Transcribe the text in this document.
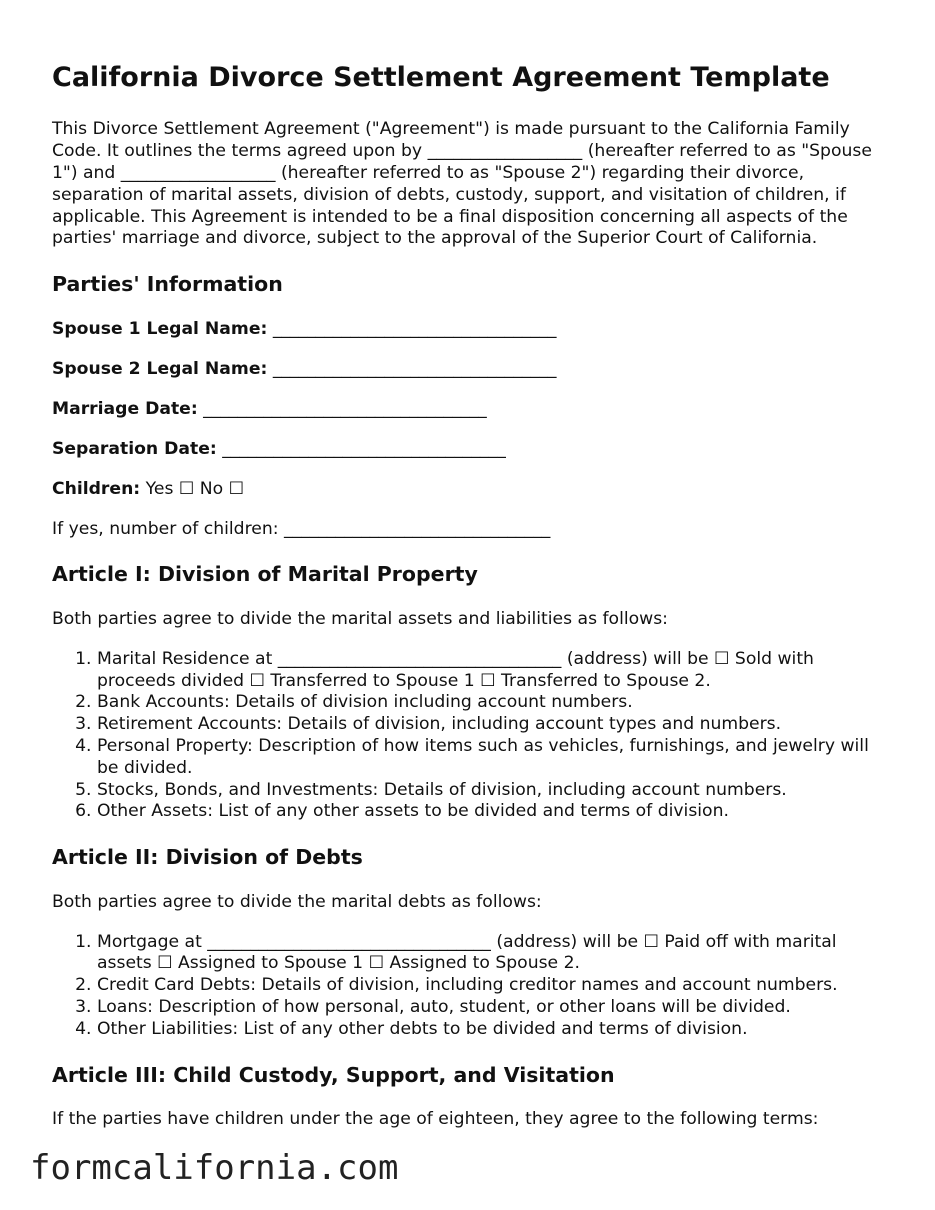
California Divorce Settlement Agreement Template

This Divorce Settlement Agreement ("Agreement") is made pursuant to the California Family Code. It outlines the terms agreed upon by __________________ (hereafter referred to as "Spouse 1") and __________________ (hereafter referred to as "Spouse 2") regarding their divorce, separation of marital assets, division of debts, custody, support, and visitation of children, if applicable. This Agreement is intended to be a final disposition concerning all aspects of the parties' marriage and divorce, subject to the approval of the Superior Court of California.

Parties' Information
Spouse 1 Legal Name: _________________________________
Spouse 2 Legal Name: _________________________________
Marriage Date: _________________________________
Separation Date: _________________________________
Children: Yes ☐ No ☐
If yes, number of children: _______________________________
Article I: Division of Marital Property

Both parties agree to divide the marital assets and liabilities as follows:

1. Marital Residence at _________________________________ (address) will be ☐ Sold with proceeds divided ☐ Transferred to Spouse 1 ☐ Transferred to Spouse 2.
2. Bank Accounts: Details of division including account numbers.
3. Retirement Accounts: Details of division, including account types and numbers.
4. Personal Property: Description of how items such as vehicles, furnishings, and jewelry will be divided.
5. Stocks, Bonds, and Investments: Details of division, including account numbers.
6. Other Assets: List of any other assets to be divided and terms of division.
Article II: Division of Debts

Both parties agree to divide the marital debts as follows:

1. Mortgage at _________________________________ (address) will be ☐ Paid off with marital assets ☐ Assigned to Spouse 1 ☐ Assigned to Spouse 2.
2. Credit Card Debts: Details of division, including creditor names and account numbers.
3. Loans: Description of how personal, auto, student, or other loans will be divided.
4. Other Liabilities: List of any other debts to be divided and terms of division.
Article III: Child Custody, Support, and Visitation

If the parties have children under the age of eighteen, they agree to the following terms:

formcalifornia.com
